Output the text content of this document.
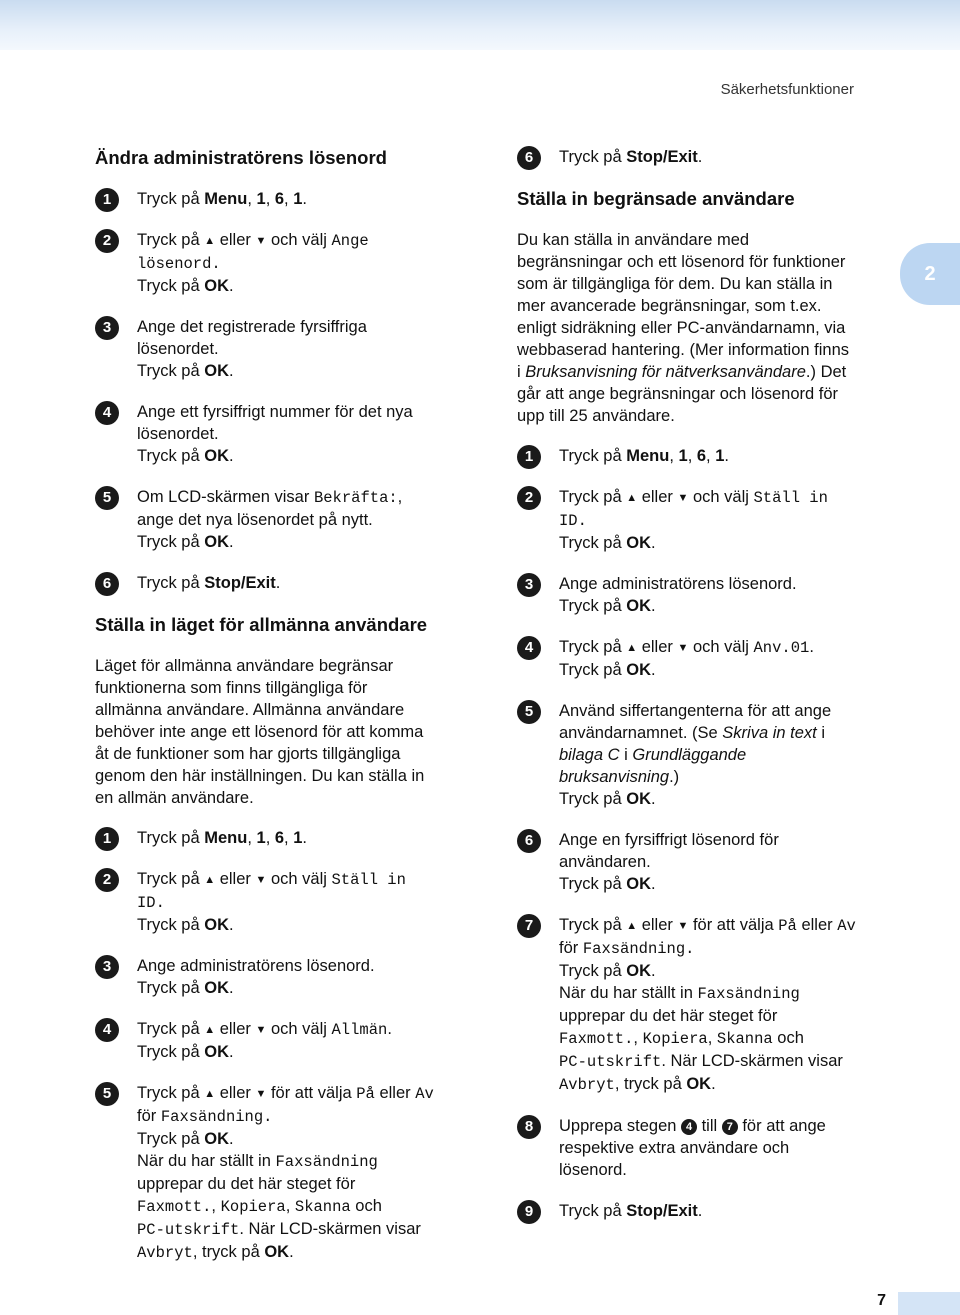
Säkerhetsfunktioner
Ändra administratörens lösenord
1	Tryck på Menu, 1, 6, 1.
2	Tryck på ▲ eller ▼ och välj Ange
lösenord.
Tryck på OK.
3	Ange det registrerade fyrsiffriga
lösenordet.
Tryck på OK.
4	Ange ett fyrsiffrigt nummer för det nya
lösenordet.
Tryck på OK.
5	Om LCD-skärmen visar Bekräfta:,
ange det nya lösenordet på nytt.
Tryck på OK.
6	Tryck på Stop/Exit.
Ställa in läget för allmänna användare
Läget för allmänna användare begränsar
funktionerna som finns tillgängliga för
allmänna användare. Allmänna användare
behöver inte ange ett lösenord för att komma
åt de funktioner som har gjorts tillgängliga
genom den här inställningen. Du kan ställa in
en allmän användare.
1	Tryck på Menu, 1, 6, 1.
2	Tryck på ▲ eller ▼ och välj Ställ in
ID.
Tryck på OK.
3	Ange administratörens lösenord.
Tryck på OK.
4	Tryck på ▲ eller ▼ och välj Allmän.
Tryck på OK.
5	Tryck på ▲ eller ▼ för att välja På eller Av
för Faxsändning.
Tryck på OK.
När du har ställt in Faxsändning
upprepar du det här steget för
Faxmott., Kopiera, Skanna och
PC-utskrift. När LCD-skärmen visar
Avbryt, tryck på OK.
6	Tryck på Stop/Exit.
Ställa in begränsade användare
Du kan ställa in användare med
begränsningar och ett lösenord för funktioner
som är tillgängliga för dem. Du kan ställa in
mer avancerade begränsningar, som t.ex.
enligt sidräkning eller PC-användarnamn, via
webbaserad hantering. (Mer information finns
i Bruksanvisning för nätverksanvändare.) Det
går att ange begränsningar och lösenord för
upp till 25 användare.
1	Tryck på Menu, 1, 6, 1.
2	Tryck på ▲ eller ▼ och välj Ställ in
ID.
Tryck på OK.
3	Ange administratörens lösenord.
Tryck på OK.
4	Tryck på ▲ eller ▼ och välj Anv.01.
Tryck på OK.
5	Använd siffertangenterna för att ange
användarnamnet. (Se Skriva in text i
bilaga C i Grundläggande
bruksanvisning.)
Tryck på OK.
6	Ange en fyrsiffrigt lösenord för
användaren.
Tryck på OK.
7	Tryck på ▲ eller ▼ för att välja På eller Av
för Faxsändning.
Tryck på OK.
När du har ställt in Faxsändning
upprepar du det här steget för
Faxmott., Kopiera, Skanna och
PC-utskrift. När LCD-skärmen visar
Avbryt, tryck på OK.
8	Upprepa stegen 4 till 7 för att ange
respektive extra användare och
lösenord.
9	Tryck på Stop/Exit.
2
7
